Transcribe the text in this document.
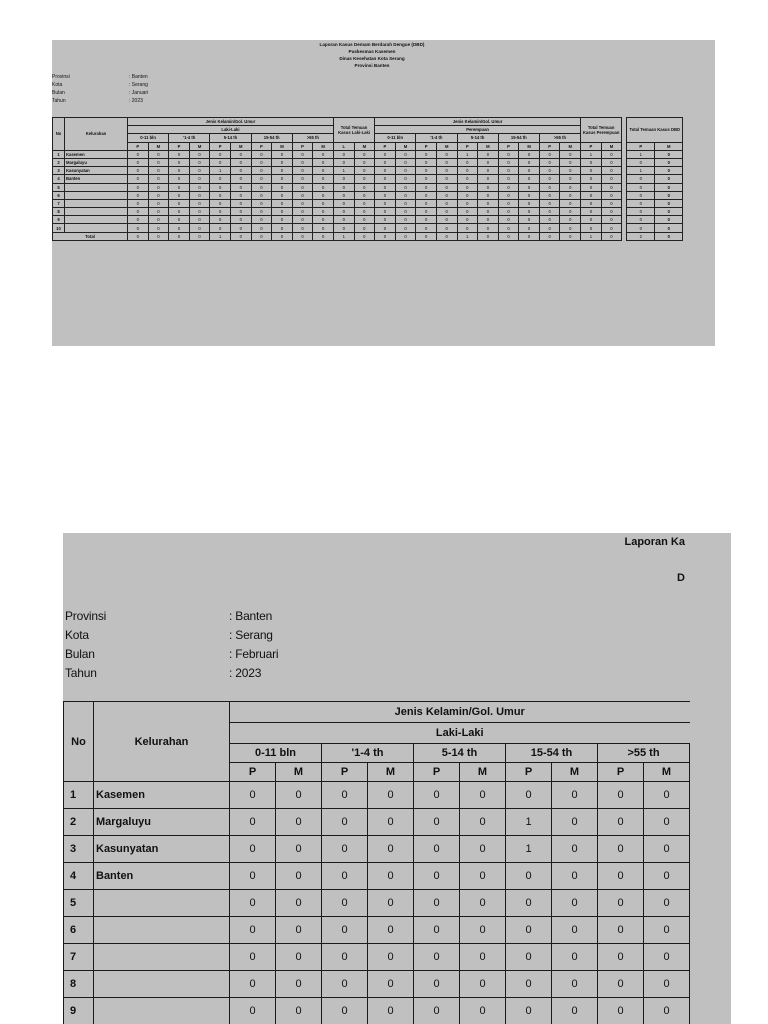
Laporan Kasus Demam Berdarah Dengue (DBD)
Puskesmas Kasemen
Dinas Kesehatan Kota Serang
Provinsi Banten
Provinsi	: Banten
Kota	: Serang
Bulan	: Januari
Tahun	: 2023
No	Kelurahan	Jenis Kelamin/Gol. Umur										Total Temuan Kasus Laki-Laki		Jenis Kelamin/Gol. Umur										Total Temuan Kasus Perempuan			Total Temuan Kasus DBD	
		Laki-Laki												Perempuan														
		0-11 bln		'1-4 th		5-14 th		15-54 th		>55 th				0-11 bln		'1-4 th		5-14 th		15-54 th		>55 th						
		P	M	P	M	P	M	P	M	P	M	L	M	P	M	P	M	P	M	P	M	P	M	P	M		P	M
1	Kasemen	0	0	0	0	0	0	0	0	0	0	0	0	0	0	0	0	1	0	0	0	0	0	1	0		1	0
2	Margaluyu	0	0	0	0	0	0	0	0	0	0	0	0	0	0	0	0	0	0	0	0	0	0	0	0		0	0
3	Kasunyatan	0	0	0	0	1	0	0	0	0	0	1	0	0	0	0	0	0	0	0	0	0	0	0	0		1	0
4	Banten	0	0	0	0	0	0	0	0	0	0	0	0	0	0	0	0	0	0	0	0	0	0	0	0		0	0
5		0	0	0	0	0	0	0	0	0	0	0	0	0	0	0	0	0	0	0	0	0	0	0	0		0	0
6		0	0	0	0	0	0	0	0	0	0	0	0	0	0	0	0	0	0	0	0	0	0	0	0		0	0
7		0	0	0	0	0	0	0	0	0	0	0	0	0	0	0	0	0	0	0	0	0	0	0	0		0	0
8		0	0	0	0	0	0	0	0	0	0	0	0	0	0	0	0	0	0	0	0	0	0	0	0		0	0
9		0	0	0	0	0	0	0	0	0	0	0	0	0	0	0	0	0	0	0	0	0	0	0	0		0	0
10		0	0	0	0	0	0	0	0	0	0	0	0	0	0	0	0	0	0	0	0	0	0	0	0		0	0
Total		0	0	0	0	1	0	0	0	0	0	1	0	0	0	0	0	1	0	0	0	0	0	1	0		2	0
Laporan Ka
D
Provinsi	: Banten
Kota	: Serang
Bulan	: Februari
Tahun	: 2023
No	Kelurahan	Jenis Kelamin/Gol. Umur									
		Laki-Laki									
		0-11 bln		'1-4 th		5-14 th		15-54 th		>55 th	
		P	M	P	M	P	M	P	M	P	M
1	Kasemen	0	0	0	0	0	0	0	0	0	0
2	Margaluyu	0	0	0	0	0	0	1	0	0	0
3	Kasunyatan	0	0	0	0	0	0	1	0	0	0
4	Banten	0	0	0	0	0	0	0	0	0	0
5		0	0	0	0	0	0	0	0	0	0
6		0	0	0	0	0	0	0	0	0	0
7		0	0	0	0	0	0	0	0	0	0
8		0	0	0	0	0	0	0	0	0	0
9		0	0	0	0	0	0	0	0	0	0
